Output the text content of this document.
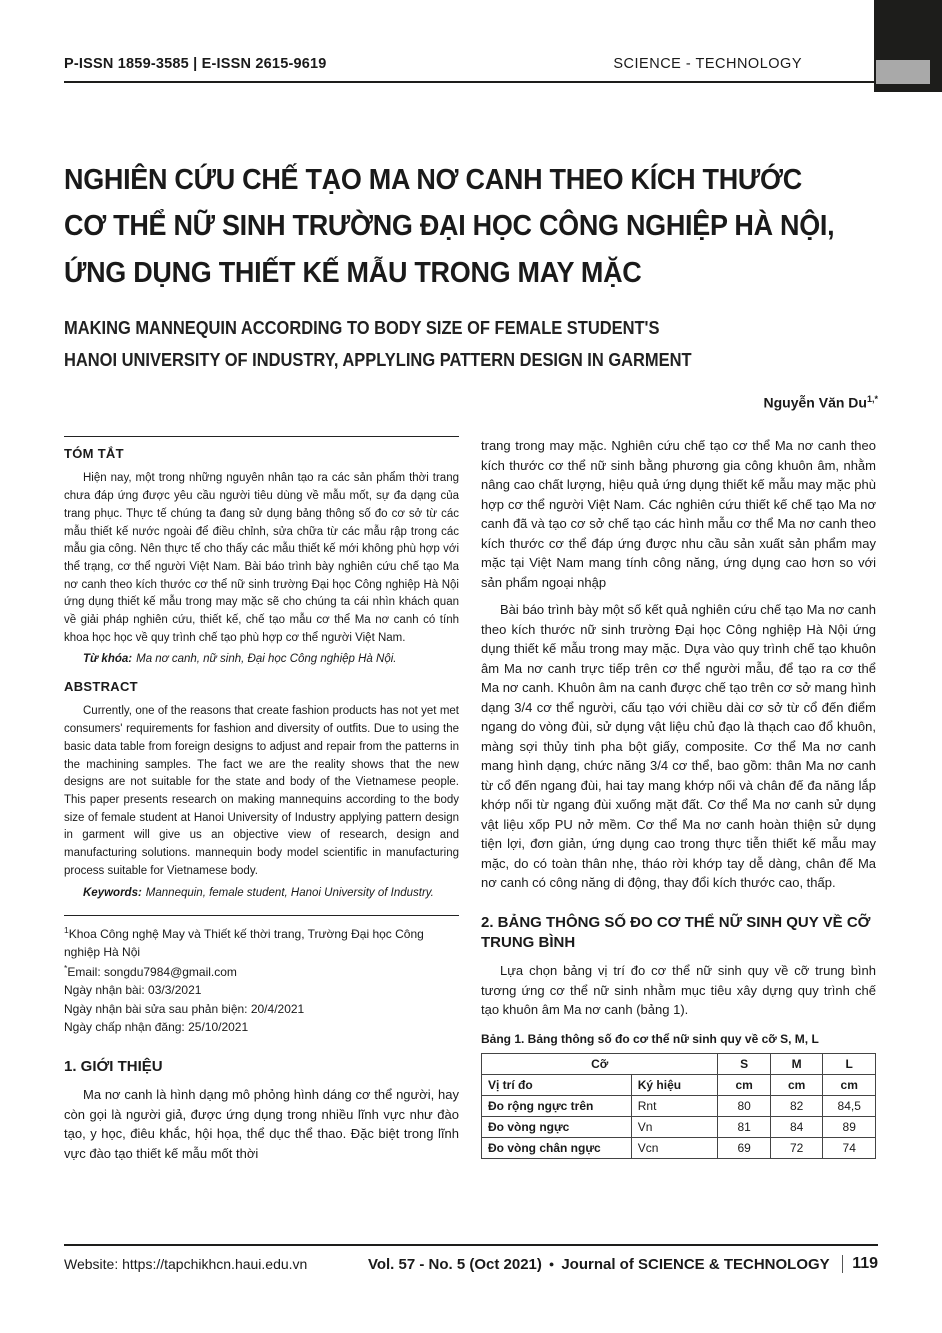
P-ISSN 1859-3585 | E-ISSN 2615-9619	SCIENCE - TECHNOLOGY
NGHIÊN CỨU CHẾ TẠO MA NƠ CANH THEO KÍCH THƯỚC
CƠ THỂ NỮ SINH TRƯỜNG ĐẠI HỌC CÔNG NGHIỆP HÀ NỘI,
ỨNG DỤNG THIẾT KẾ MẪU TRONG MAY MẶC
MAKING MANNEQUIN ACCORDING TO BODY SIZE OF FEMALE STUDENT'S
HANOI UNIVERSITY OF INDUSTRY, APPLYLING PATTERN DESIGN IN GARMENT
Nguyễn Văn $Du^{1,*}$
TÓM TẮT

Hiện nay, một trong những nguyên nhân tạo ra các sản phẩm thời trang chưa đáp ứng được yêu cầu người tiêu dùng về mẫu mốt, sự đa dạng của trang phục. Thực tế chúng ta đang sử dụng bảng thông số đo cơ sở từ các mẫu thiết kế nước ngoài để điều chỉnh, sửa chữa từ các mẫu rập trong các mẫu gia công. Nên thực tế cho thấy các mẫu thiết kế mới không phù hợp với thể trạng, cơ thể người Việt Nam. Bài báo trình bày nghiên cứu chế tạo Ma nơ canh theo kích thước cơ thể nữ sinh trường Đại học Công nghiệp Hà Nội ứng dụng thiết kế mẫu trong may mặc sẽ cho chúng ta cái nhìn khách quan về giải pháp nghiên cứu, thiết kế, chế tạo mẫu cơ thể Ma nơ canh có tính khoa học học về quy trình chế tạo phù hợp cơ thể người Việt Nam.

Từ khóa: Ma nơ canh, nữ sinh, Đại học Công nghiệp Hà Nội.

ABSTRACT

Currently, one of the reasons that create fashion products has not yet met consumers' requirements for fashion and diversity of outfits. Due to using the basic data table from foreign designs to adjust and repair from the patterns in the machining samples. The fact we are the reality shows that the new designs are not suitable for the state and body of the Vietnamese people. This paper presents research on making mannequins according to the body size of female student at Hanoi University of Industry applying pattern design in garment will give us an objective view of research, design and manufacturing solutions. mannequin body model scientific in manufacturing process suitable for Vietnamese body.

Keywords: Mannequin, female student, Hanoi University of Industry.

$^1$Khoa Công nghệ May và Thiết kế thời trang, Trường Đại học Công nghiệp Hà Nội

*Email: songdu7984@gmail.com

Ngày nhận bài: 03/3/2021

Ngày nhận bài sửa sau phản biện: 20/4/2021

Ngày chấp nhận đăng: 25/10/2021

1. GIỚI THIỆU

Ma nơ canh là hình dạng mô phỏng hình dáng cơ thể người, hay còn gọi là người giả, được ứng dụng trong nhiều lĩnh vực như đào tạo, y học, điêu khắc, hội họa, thể dục thể thao. Đặc biệt trong lĩnh vực đào tạo thiết kế mẫu mốt thời

trang trong may mặc. Nghiên cứu chế tạo cơ thể Ma nơ canh theo kích thước cơ thể nữ sinh bằng phương gia công khuôn âm, nhằm nâng cao chất lượng, hiệu quả ứng dụng thiết kế mẫu may mặc phù hợp cơ thể người Việt Nam. Các nghiên cứu thiết kế chế tạo Ma nơ canh đã và tạo cơ sở chế tạo các hình mẫu cơ thể Ma nơ canh theo kích thước cơ thể đáp ứng được nhu cầu sản xuất sản phẩm may mặc tại Việt Nam mang tính công năng, ứng dụng cao hơn so với sản phẩm ngoại nhập

Bài báo trình bày một số kết quả nghiên cứu chế tạo Ma nơ canh theo kích thước nữ sinh trường Đại học Công nghiệp Hà Nội ứng dụng thiết kế mẫu trong may mặc. Dựa vào quy trình chế tạo khuôn âm Ma nơ canh trực tiếp trên cơ thể người mẫu, để tạo ra cơ thể Ma nơ canh. Khuôn âm na canh được chế tạo trên cơ sở mang hình dạng 3/4 cơ thể người, cấu tạo với chiều dài cơ sở từ cổ đến điểm ngang do vòng đùi, sử dụng vật liệu chủ đạo là thạch cao đổ khuôn, màng sợi thủy tinh pha bột giấy, composite. Cơ thể Ma nơ canh mang hình dạng, chức năng 3/4 cơ thể, bao gồm: thân Ma nơ canh từ cổ đến ngang đùi, hai tay mang khớp nối và chân đế đa năng lắp khớp nối từ ngang đùi xuống mặt đất. Cơ thể Ma nơ canh sử dụng vật liệu xốp PU nở mềm. Cơ thể Ma nơ canh hoàn thiện sử dụng tiện lợi, đơn giản, ứng dụng cao trong thực tiễn thiết kế mẫu may mặc, do có toàn thân nhẹ, tháo rời khớp tay dễ dàng, chân đế Ma nơ canh có công năng di động, thay đổi kích thước cao, thấp.

2. BẢNG THÔNG SỐ ĐO CƠ THỂ NỮ SINH QUY VỀ CỠ TRUNG BÌNH

Lựa chọn bảng vị trí đo cơ thể nữ sinh quy về cỡ trung bình tương ứng cơ thể nữ sinh nhằm mục tiêu xây dựng quy trình chế tạo khuôn âm Ma nơ canh (bảng 1).

Bảng 1. Bảng thông số đo cơ thể nữ sinh quy về cỡ S, M, L

Cỡ		S	M	L
Vị trí đo	Ký hiệu	cm	cm	cm
Đo rộng ngực trên	Rnt	80	82	84,5
Đo vòng ngực	Vn	81	84	89
Đo vòng chân ngực	Vcn	69	72	74
Website: https://tapchikhcn.haui.edu.vn	Vol. 57 - No. 5 (Oct 2021) ● Journal of SCIENCE & TECHNOLOGY 119
